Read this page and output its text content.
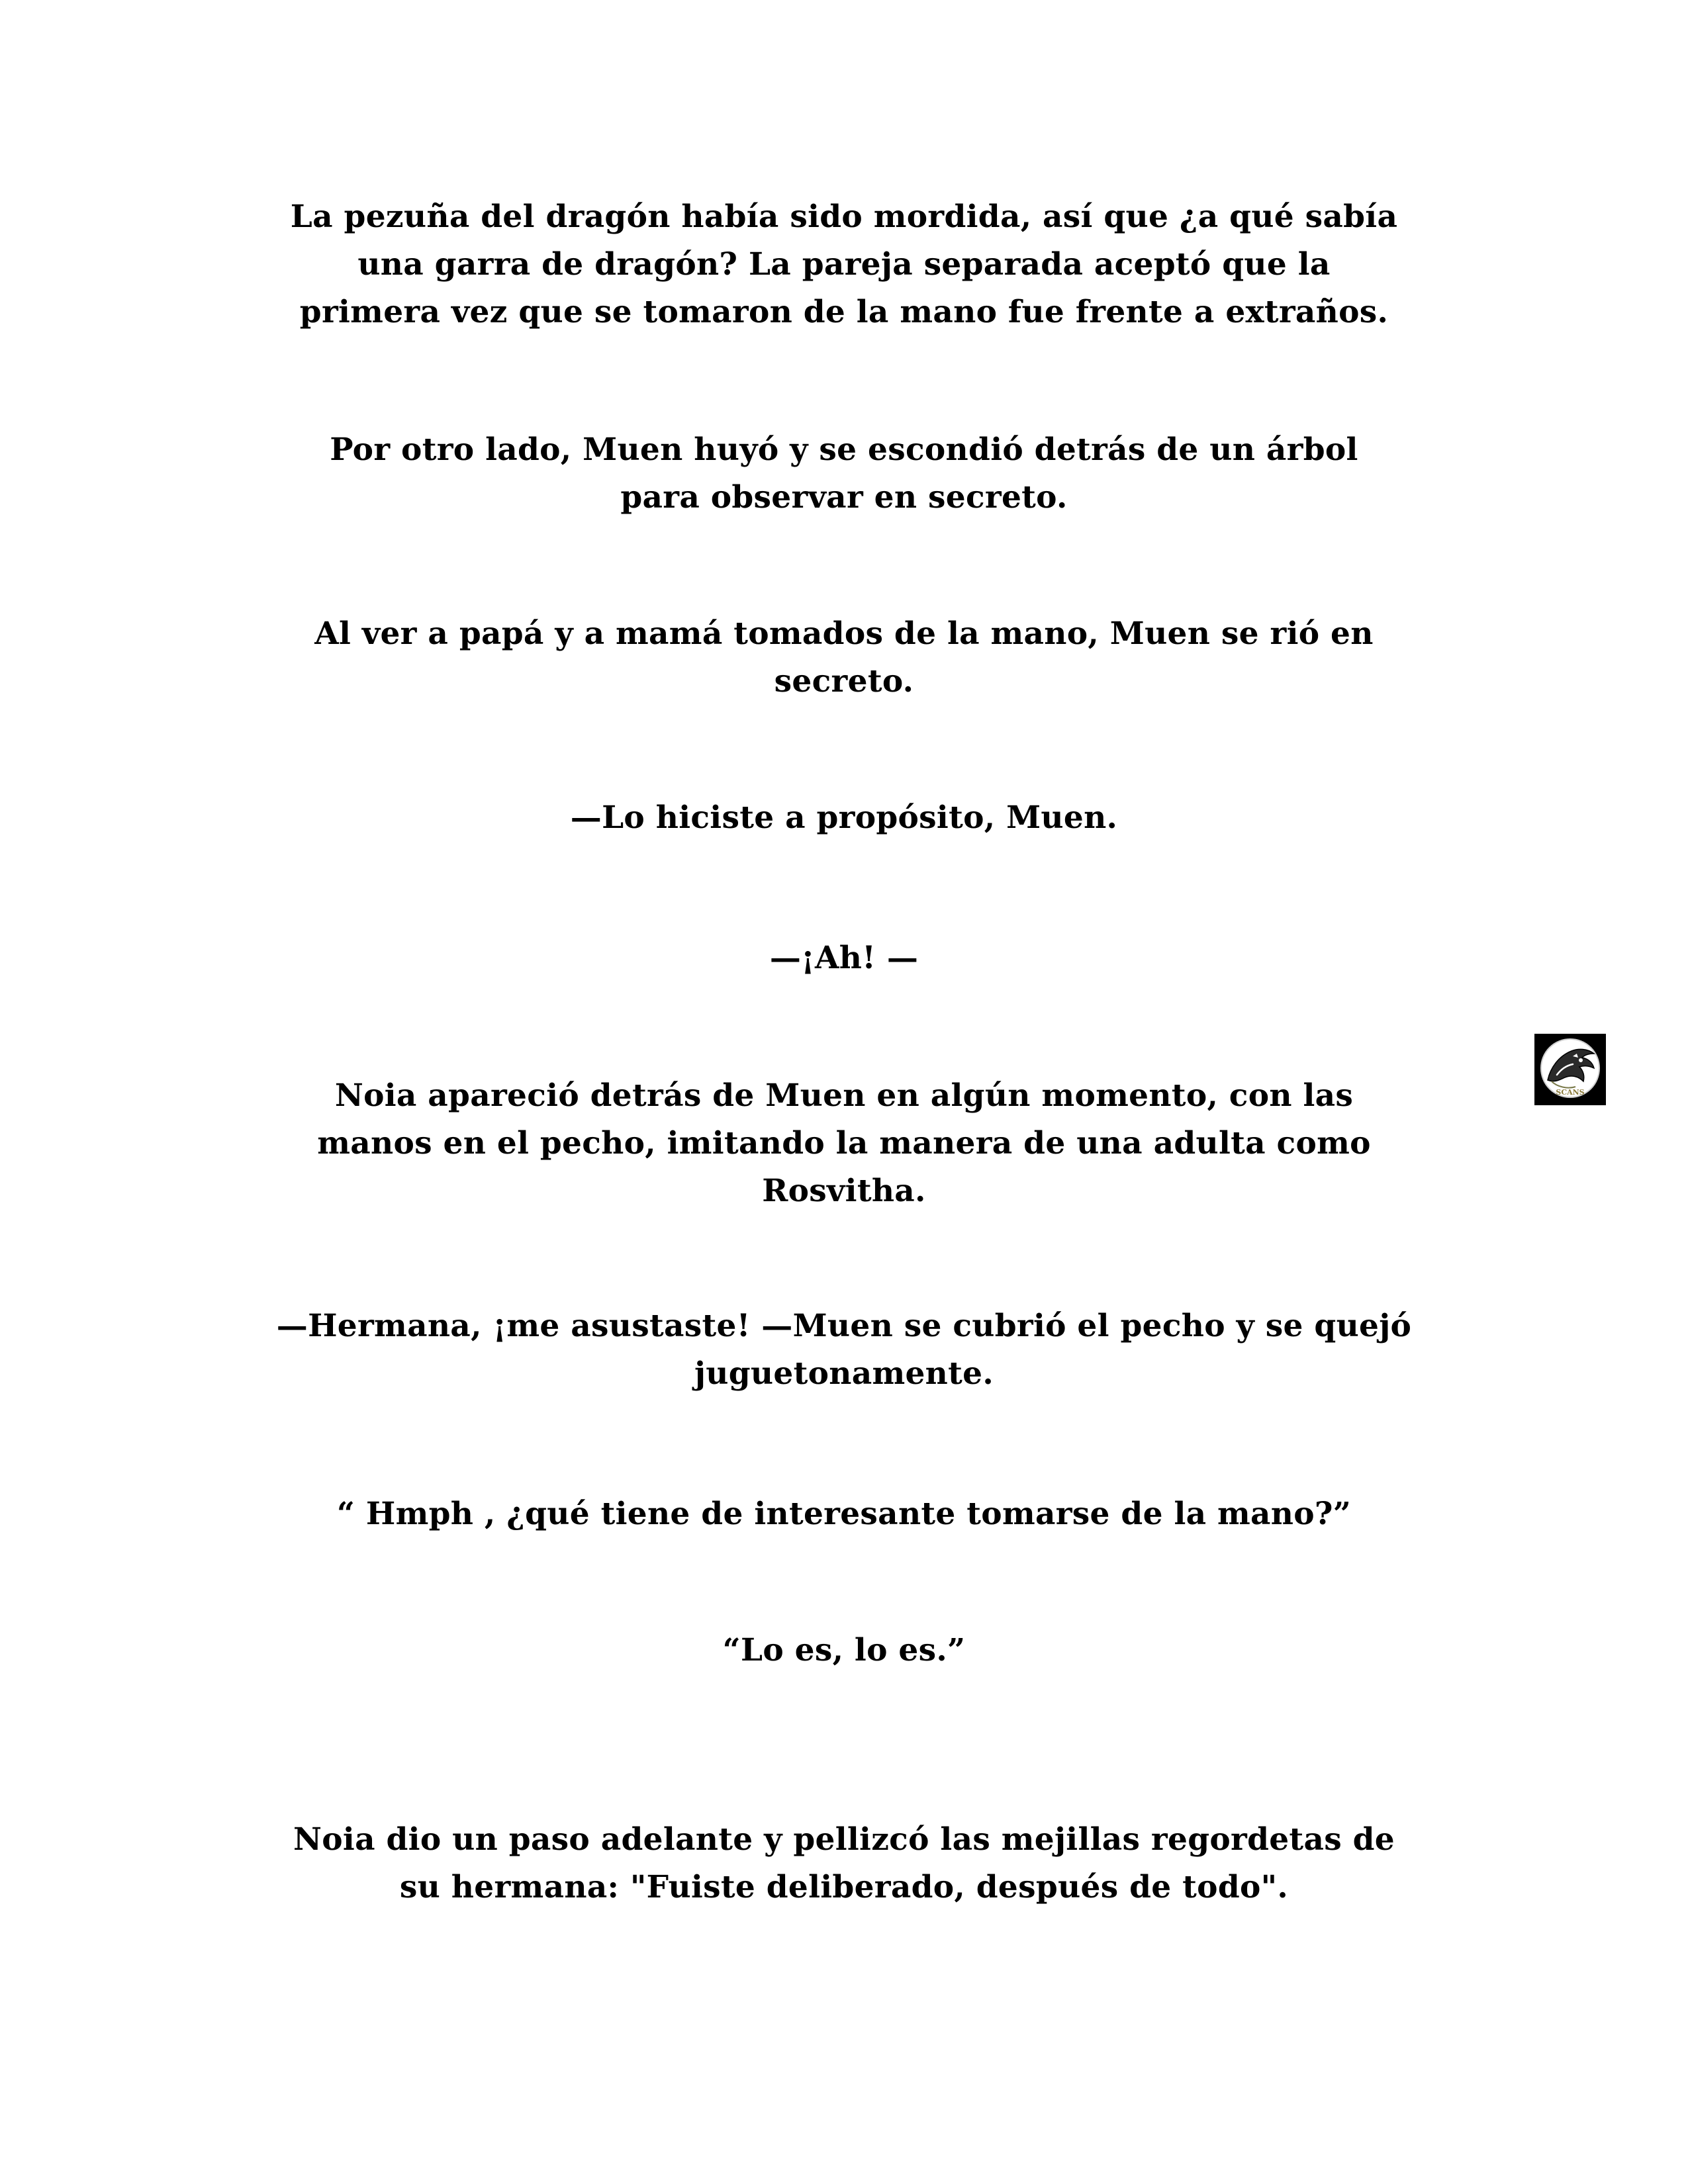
La pezuña del dragón había sido mordida, así que ¿a qué sabía
una garra de dragón? La pareja separada aceptó que la
primera vez que se tomaron de la mano fue frente a extraños.

Por otro lado, Muen huyó y se escondió detrás de un árbol
para observar en secreto.

Al ver a papá y a mamá tomados de la mano, Muen se rió en
secreto.

—Lo hiciste a propósito, Muen.

—¡Ah! —

Noia apareció detrás de Muen en algún momento, con las
manos en el pecho, imitando la manera de una adulta como
Rosvitha.

—Hermana, ¡me asustaste! —Muen se cubrió el pecho y se quejó
juguetonamente.

“ Hmph , ¿qué tiene de interesante tomarse de la mano?”

“Lo es, lo es.”

Noia dio un paso adelante y pellizcó las mejillas regordetas de
su hermana: "Fuiste deliberado, después de todo".

SCANS
